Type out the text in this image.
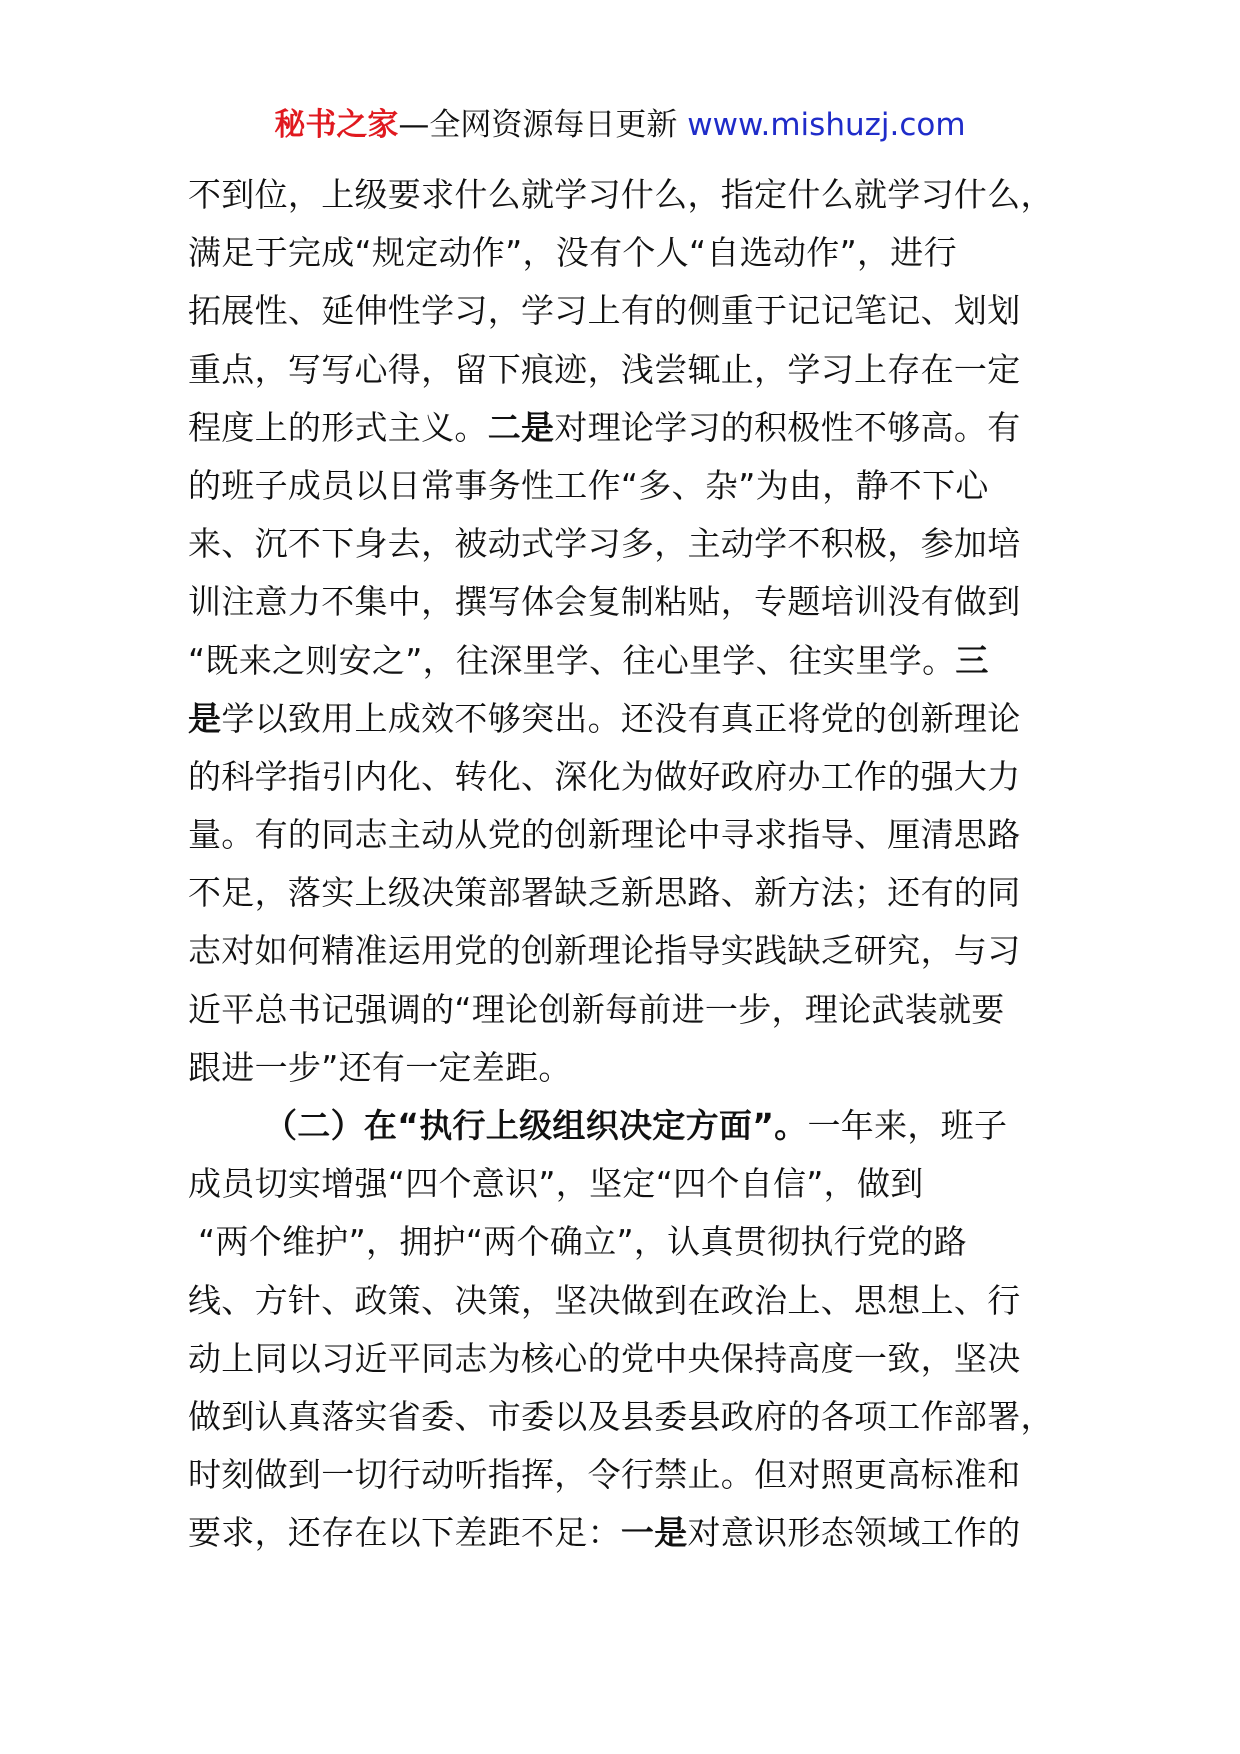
秘书之家—全网资源每日更新 www.mishuzj.com
不到位，上级要求什么就学习什么，指定什么就学习什么，
满足于完成“规定动作”，没有个人“自选动作”，进行
拓展性、延伸性学习，学习上有的侧重于记记笔记、划划
重点，写写心得，留下痕迹，浅尝辄止，学习上存在一定
程度上的形式主义。二是对理论学习的积极性不够高。有
的班子成员以日常事务性工作“多、杂”为由，静不下心
来、沉不下身去，被动式学习多，主动学不积极，参加培
训注意力不集中，撰写体会复制粘贴，专题培训没有做到
“既来之则安之”，往深里学、往心里学、往实里学。三
是学以致用上成效不够突出。还没有真正将党的创新理论
的科学指引内化、转化、深化为做好政府办工作的强大力
量。有的同志主动从党的创新理论中寻求指导、厘清思路
不足，落实上级决策部署缺乏新思路、新方法；还有的同
志对如何精准运用党的创新理论指导实践缺乏研究，与习
近平总书记强调的“理论创新每前进一步，理论武装就要
跟进一步”还有一定差距。
（二）在“执行上级组织决定方面”。一年来，班子
成员切实增强“四个意识”，坚定“四个自信”，做到
“两个维护”，拥护“两个确立”，认真贯彻执行党的路
线、方针、政策、决策，坚决做到在政治上、思想上、行
动上同以习近平同志为核心的党中央保持高度一致，坚决
做到认真落实省委、市委以及县委县政府的各项工作部署，
时刻做到一切行动听指挥，令行禁止。但对照更高标准和
要求，还存在以下差距不足：一是对意识形态领域工作的
